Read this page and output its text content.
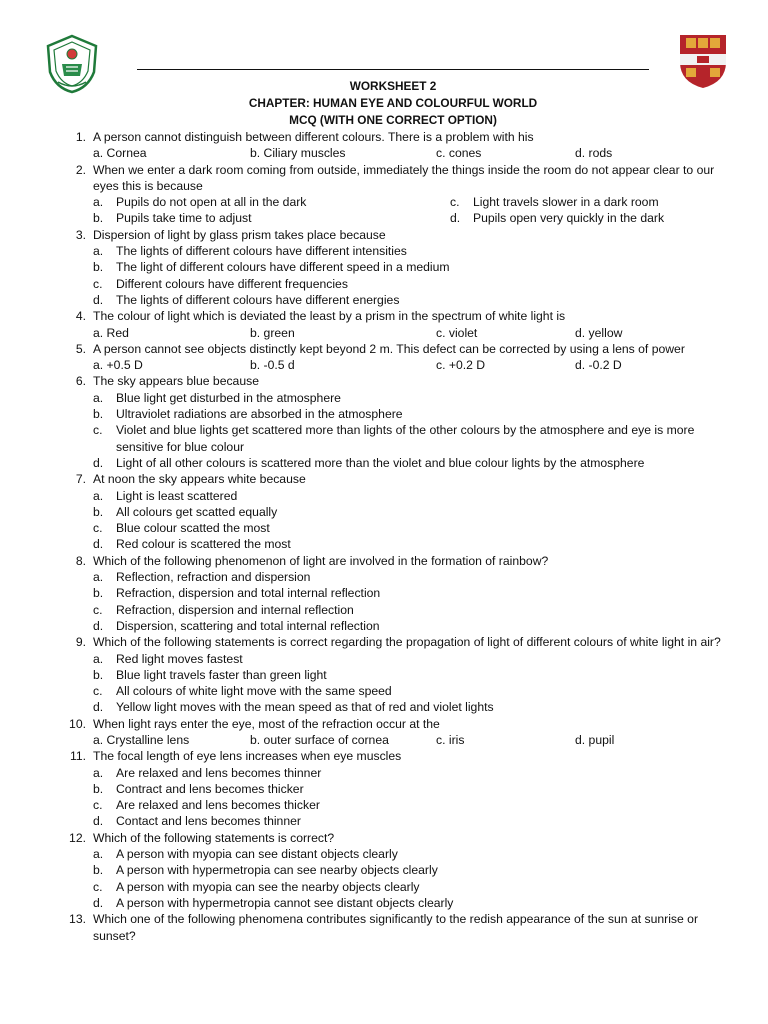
WORKSHEET 2
CHAPTER: HUMAN EYE AND COLOURFUL WORLD
MCQ (WITH ONE CORRECT OPTION)
1. A person cannot distinguish between different colours. There is a problem with his
a. Cornea	b. Ciliary muscles	c. cones	d. rods
2. When we enter a dark room coming from outside, immediately the things inside the room do not appear clear to our eyes this is because
a. Pupils do not open at all in the dark	c. Light travels slower in a dark room
b. Pupils take time to adjust	d. Pupils open very quickly in the dark
3. Dispersion of light by glass prism takes place because
a. The lights of different colours have different intensities
b. The light of different colours have different speed in a medium
c. Different colours have different frequencies
d. The lights of different colours have different energies
4. The colour of light which is deviated the least by a prism in the spectrum of white light is
a. Red	b. green	c. violet	d. yellow
5. A person cannot see objects distinctly kept beyond 2 m. This defect can be corrected by using a lens of power
a. +0.5 D	b. -0.5 d	c. +0.2 D	d. -0.2 D
6. The sky appears blue because
a. Blue light get disturbed in the atmosphere
b. Ultraviolet radiations are absorbed in the atmosphere
c. Violet and blue lights get scattered more than lights of the other colours by the atmosphere and eye is more sensitive for blue colour
d. Light of all other colours is scattered more than the violet and blue colour lights by the atmosphere
7. At noon the sky appears white because
a. Light is least scattered
b. All colours get scatted equally
c. Blue colour scatted the most
d. Red colour is scattered the most
8. Which of the following phenomenon of light are involved in the formation of rainbow?
a. Reflection, refraction and dispersion
b. Refraction, dispersion and total internal reflection
c. Refraction, dispersion and internal reflection
d. Dispersion, scattering and total internal reflection
9. Which of the following statements is correct regarding the propagation of light of different colours of white light in air?
a. Red light moves fastest
b. Blue light travels faster than green light
c. All colours of white light move with the same speed
d. Yellow light moves with the mean speed as that of red and violet lights
10. When light rays enter the eye, most of the refraction occur at the
a. Crystalline lens	b. outer surface of cornea	c. iris	d. pupil
11. The focal length of eye lens increases when eye muscles
a. Are relaxed and lens becomes thinner
b. Contract and lens becomes thicker
c. Are relaxed and lens becomes thicker
d. Contact and lens becomes thinner
12. Which of the following statements is correct?
a. A person with myopia can see distant objects clearly
b. A person with hypermetropia can see nearby objects clearly
c. A person with myopia can see the nearby objects clearly
d. A person with hypermetropia cannot see distant objects clearly
13. Which one of the following phenomena contributes significantly to the redish appearance of the sun at sunrise or sunset?
